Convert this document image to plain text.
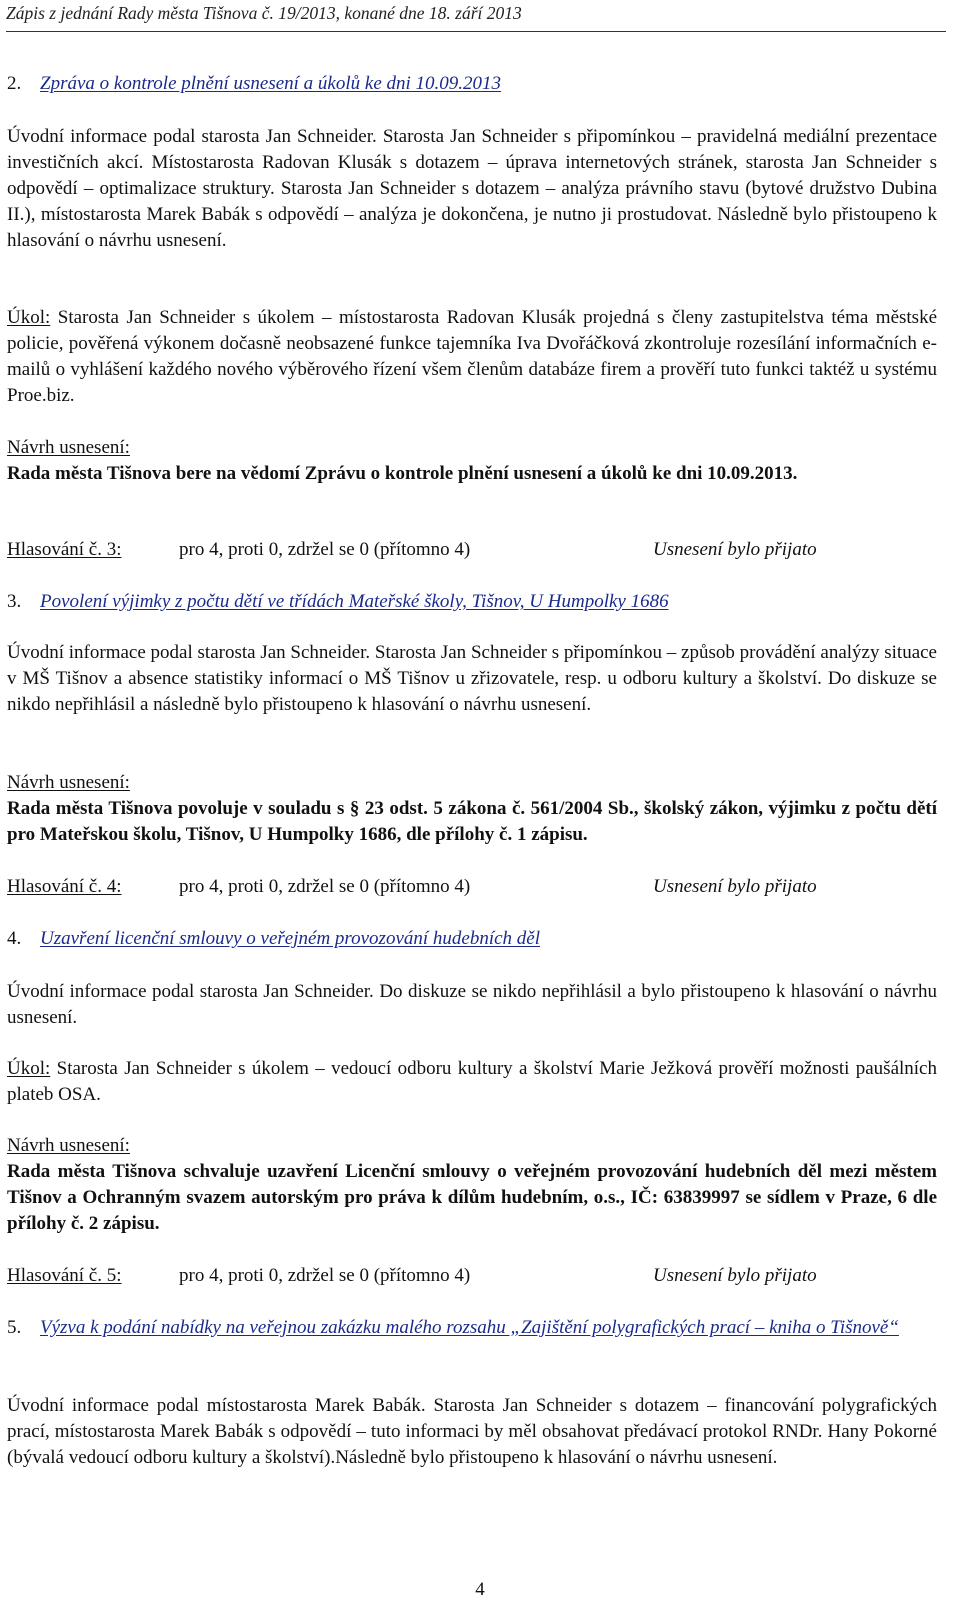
Zápis z jednání Rady města Tišnova č. 19/2013, konané dne 18. září 2013
2. Zpráva o kontrole plnění usnesení a úkolů ke dni 10.09.2013
Úvodní informace podal starosta Jan Schneider. Starosta Jan Schneider s připomínkou – pravidelná mediální prezentace investičních akcí. Místostarosta Radovan Klusák s dotazem – úprava internetových stránek, starosta Jan Schneider s odpovědí – optimalizace struktury. Starosta Jan Schneider s dotazem – analýza právního stavu (bytové družstvo Dubina II.), místostarosta Marek Babák s odpovědí – analýza je dokončena, je nutno ji prostudovat. Následně bylo přistoupeno k hlasování o návrhu usnesení.
Úkol: Starosta Jan Schneider s úkolem – místostarosta Radovan Klusák projedná s členy zastupitelstva téma městské policie, pověřená výkonem dočasně neobsazené funkce tajemníka Iva Dvořáčková zkontroluje rozesílání informačních e-mailů o vyhlášení každého nového výběrového řízení všem členům databáze firem a prověří tuto funkci taktéž u systému Proe.biz.
Návrh usnesení:
Rada města Tišnova bere na vědomí Zprávu o kontrole plnění usnesení a úkolů ke dni 10.09.2013.
Hlasování č. 3:	pro 4, proti 0, zdržel se 0 (přítomno 4)	Usnesení bylo přijato
3. Povolení výjimky z počtu dětí ve třídách Mateřské školy, Tišnov, U Humpolky 1686
Úvodní informace podal starosta Jan Schneider. Starosta Jan Schneider s připomínkou – způsob provádění analýzy situace v MŠ Tišnov a absence statistiky informací o MŠ Tišnov u zřizovatele, resp. u odboru kultury a školství. Do diskuze se nikdo nepřihlásil a následně bylo přistoupeno k hlasování o návrhu usnesení.
Návrh usnesení:
Rada města Tišnova povoluje v souladu s § 23 odst. 5 zákona č. 561/2004 Sb., školský zákon, výjimku z počtu dětí pro Mateřskou školu, Tišnov, U Humpolky 1686, dle přílohy č. 1 zápisu.
Hlasování č. 4:	pro 4, proti 0, zdržel se 0 (přítomno 4)	Usnesení bylo přijato
4. Uzavření licenční smlouvy o veřejném provozování hudebních děl
Úvodní informace podal starosta Jan Schneider. Do diskuze se nikdo nepřihlásil a bylo přistoupeno k hlasování o návrhu usnesení.
Úkol: Starosta Jan Schneider s úkolem – vedoucí odboru kultury a školství Marie Ježková prověří možnosti paušálních plateb OSA.
Návrh usnesení:
Rada města Tišnova schvaluje uzavření Licenční smlouvy o veřejném provozování hudebních děl mezi městem Tišnov a Ochranným svazem autorským pro práva k dílům hudebním, o.s., IČ: 63839997 se sídlem v Praze, 6 dle přílohy č. 2 zápisu.
Hlasování č. 5:	pro 4, proti 0, zdržel se 0 (přítomno 4)	Usnesení bylo přijato
5. Výzva k podání nabídky na veřejnou zakázku malého rozsahu „Zajištění polygrafických prací – kniha o Tišnově“
Úvodní informace podal místostarosta Marek Babák. Starosta Jan Schneider s dotazem – financování polygrafických prací, místostarosta Marek Babák s odpovědí – tuto informaci by měl obsahovat předávací protokol RNDr. Hany Pokorné (bývalá vedoucí odboru kultury a školství).Následně bylo přistoupeno k hlasování o návrhu usnesení.
4
